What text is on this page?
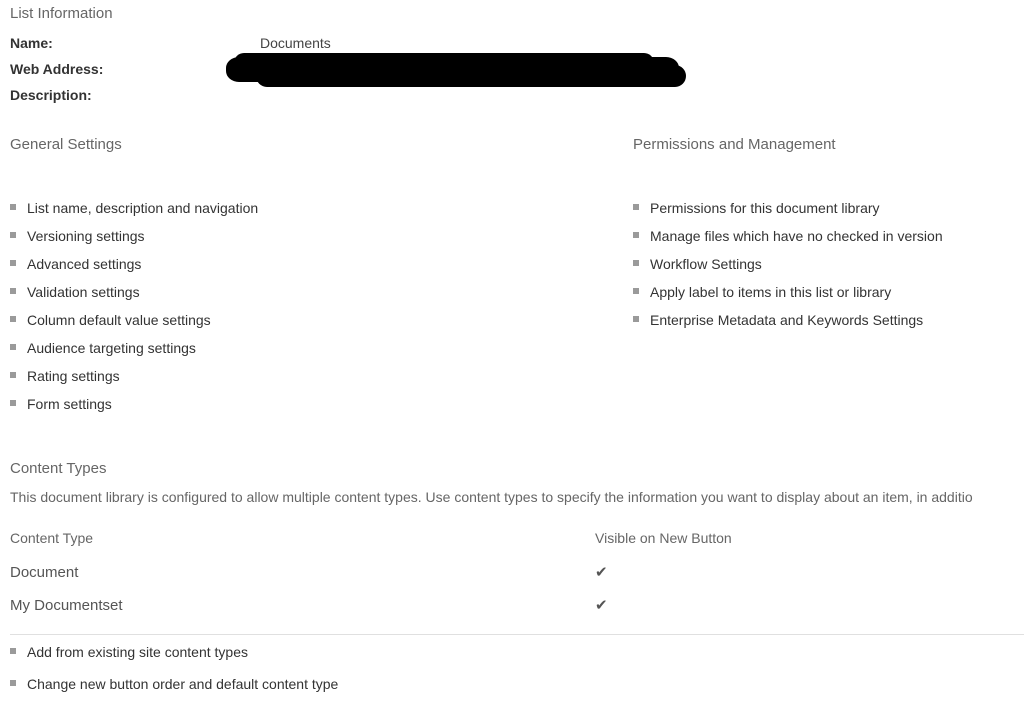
List Information
Name:	Documents
Web Address:	
Description:	
General Settings
List name, description and navigation
Versioning settings
Advanced settings
Validation settings
Column default value settings
Audience targeting settings
Rating settings
Form settings
Permissions and Management
Permissions for this document library
Manage files which have no checked in version
Workflow Settings
Apply label to items in this list or library
Enterprise Metadata and Keywords Settings
Content Types
This document library is configured to allow multiple content types. Use content types to specify the information you want to display about an item, in additio
Content Type	Visible on New Button
Document	✔
My Documentset	✔
Add from existing site content types
Change new button order and default content type
